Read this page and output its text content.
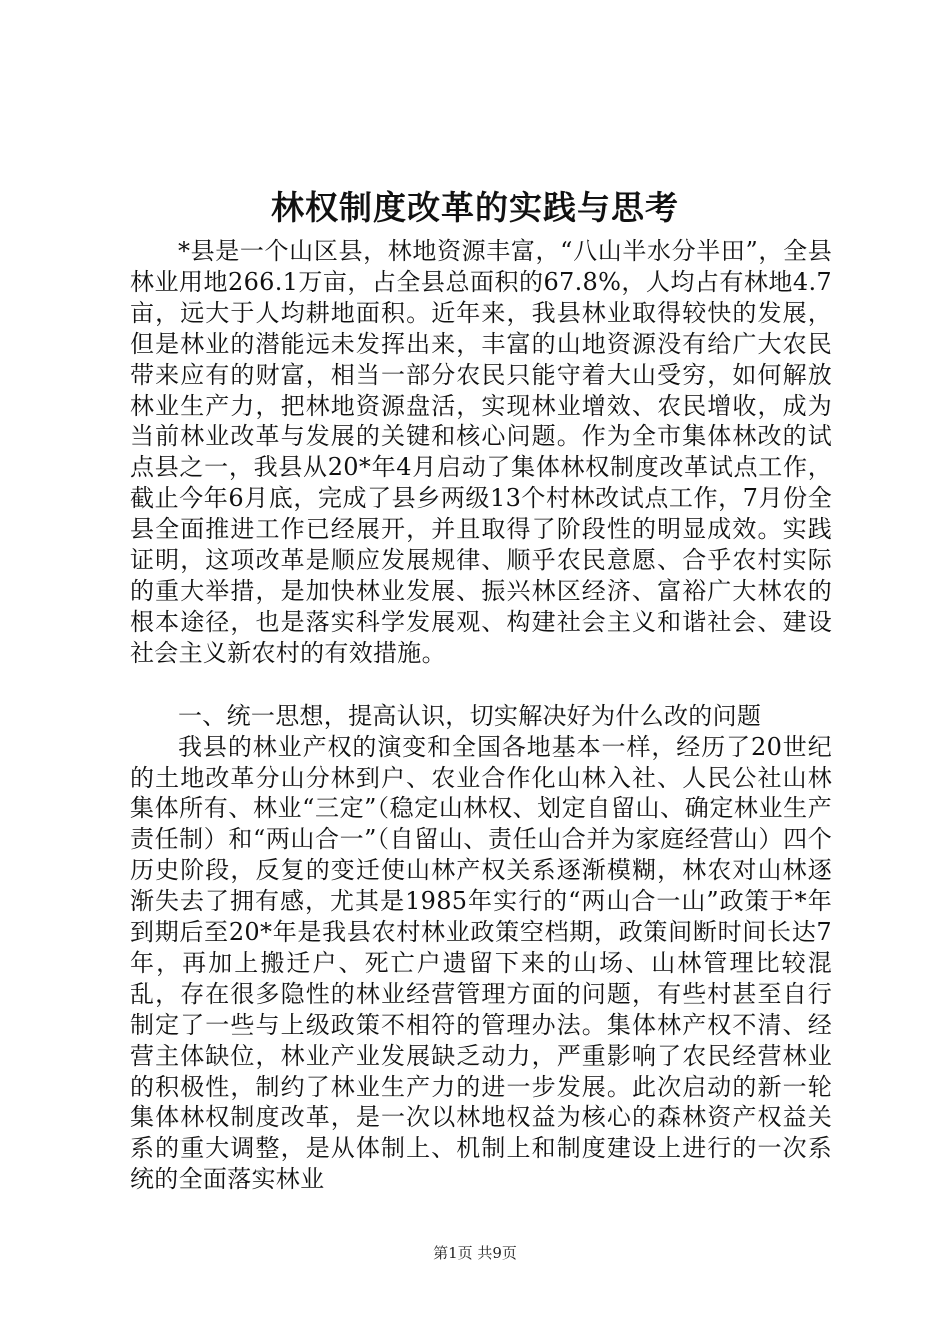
林权制度改革的实践与思考

*县是一个山区县，林地资源丰富，“八山半水分半田”，全县林业用地266.1万亩，占全县总面积的67.8%，人均占有林地4.7亩，远大于人均耕地面积。近年来，我县林业取得较快的发展，但是林业的潜能远未发挥出来，丰富的山地资源没有给广大农民带来应有的财富，相当一部分农民只能守着大山受穷，如何解放林业生产力，把林地资源盘活，实现林业增效、农民增收，成为当前林业改革与发展的关键和核心问题。作为全市集体林改的试点县之一，我县从20*年4月启动了集体林权制度改革试点工作，截止今年6月底，完成了县乡两级13个村林改试点工作，7月份全县全面推进工作已经展开，并且取得了阶段性的明显成效。实践证明，这项改革是顺应发展规律、顺乎农民意愿、合乎农村实际的重大举措，是加快林业发展、振兴林区经济、富裕广大林农的根本途径，也是落实科学发展观、构建社会主义和谐社会、建设社会主义新农村的有效措施。

一、统一思想，提高认识，切实解决好为什么改的问题

我县的林业产权的演变和全国各地基本一样，经历了20世纪的土地改革分山分林到户、农业合作化山林入社、人民公社山林集体所有、林业“三定”（稳定山林权、划定自留山、确定林业生产责任制）和“两山合一”（自留山、责任山合并为家庭经营山）四个历史阶段，反复的变迁使山林产权关系逐渐模糊，林农对山林逐渐失去了拥有感，尤其是1985年实行的“两山合一山”政策于*年到期后至20*年是我县农村林业政策空档期，政策间断时间长达7年，再加上搬迁户、死亡户遗留下来的山场、山林管理比较混乱，存在很多隐性的林业经营管理方面的问题，有些村甚至自行制定了一些与上级政策不相符的管理办法。集体林产权不清、经营主体缺位，林业产业发展缺乏动力，严重影响了农民经营林业的积极性，制约了林业生产力的进一步发展。此次启动的新一轮集体林权制度改革，是一次以林地权益为核心的森林资产权益关系的重大调整，是从体制上、机制上和制度建设上进行的一次系统的全面落实林业

第1页 共9页
